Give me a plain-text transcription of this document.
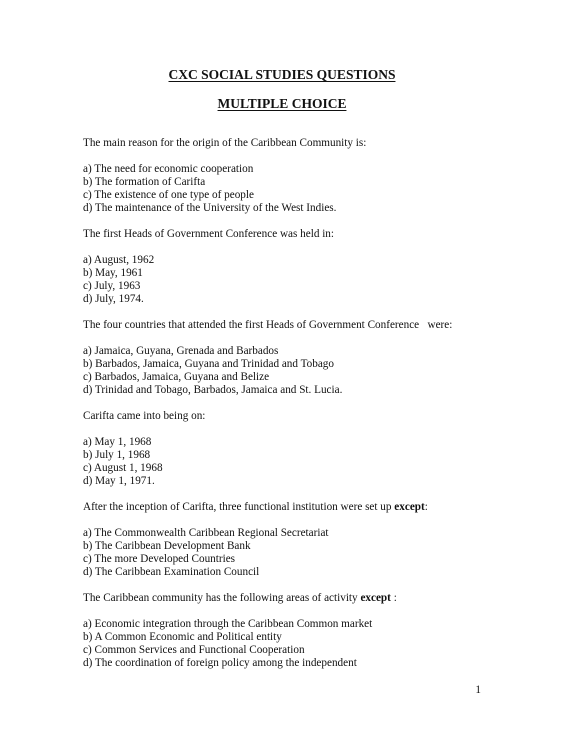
CXC SOCIAL STUDIES QUESTIONS
MULTIPLE CHOICE

The main reason for the origin of the Caribbean Community is:

a) The need for economic cooperation
b) The formation of Carifta
c) The existence of one type of people
d) The maintenance of the University of the West Indies.

The first Heads of Government Conference was held in:

a) August, 1962
b) May, 1961
c) July, 1963
d) July, 1974.

The four countries that attended the first Heads of Government Conference   were:

a) Jamaica, Guyana, Grenada and Barbados
b) Barbados, Jamaica, Guyana and Trinidad and Tobago
c) Barbados, Jamaica, Guyana and Belize
d) Trinidad and Tobago, Barbados, Jamaica and St. Lucia.

Carifta came into being on:

a) May 1, 1968
b) July 1, 1968
c) August 1, 1968
d) May 1, 1971.

After the inception of Carifta, three functional institution were set up except:

a) The Commonwealth Caribbean Regional Secretariat
b) The Caribbean Development Bank
c) The more Developed Countries
d) The Caribbean Examination Council

The Caribbean community has the following areas of activity except :

a) Economic integration through the Caribbean Common market
b) A Common Economic and Political entity
c) Common Services and Functional Cooperation
d) The coordination of foreign policy among the independent
1
